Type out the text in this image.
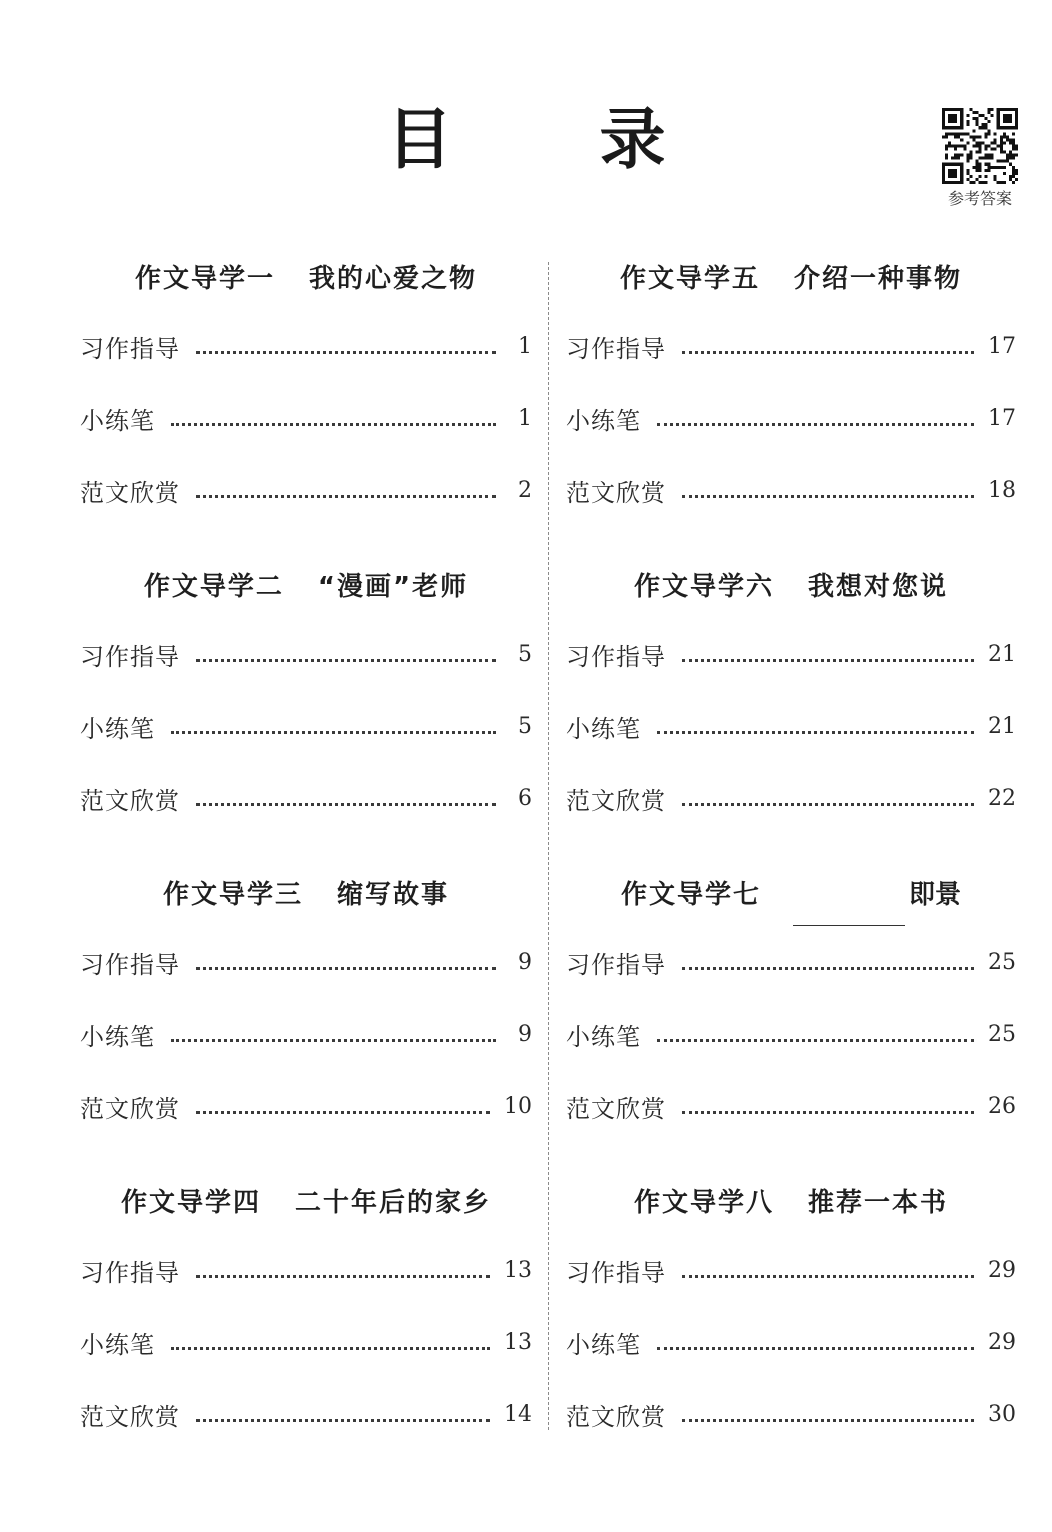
目 录
参考答案
作文导学一 我的心爱之物
习作指导	1
小练笔	1
范文欣赏	2
作文导学二 “漫画”老师
习作指导	5
小练笔	5
范文欣赏	6
作文导学三 缩写故事
习作指导	9
小练笔	9
范文欣赏	10
作文导学四 二十年后的家乡
习作指导	13
小练笔	13
范文欣赏	14
作文导学五 介绍一种事物
习作指导	17
小练笔	17
范文欣赏	18
作文导学六 我想对您说
习作指导	21
小练笔	21
范文欣赏	22
作文导学七	即景
习作指导	25
小练笔	25
范文欣赏	26
作文导学八 推荐一本书
习作指导	29
小练笔	29
范文欣赏	30
